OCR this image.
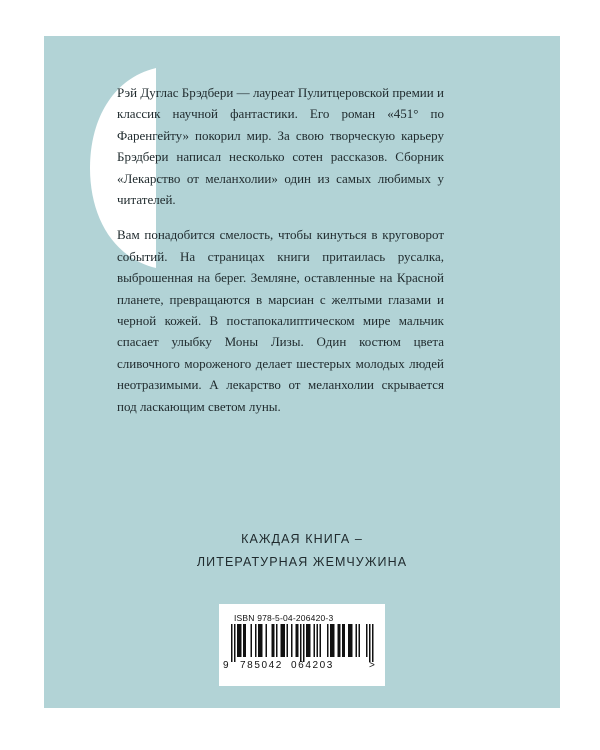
Рэй Дуглас Брэдбери — лауреат Пулитцеровской премии и классик научной фантастики. Его роман «451° по Фаренгейту» покорил мир. За свою творческую карьеру Брэдбери написал несколько сотен рассказов. Сборник «Лекарство от меланхолии» один из самых любимых у читателей.

Вам понадобится смелость, чтобы кинуться в круговорот событий. На страницах книги притаилась русалка, выброшенная на берег. Земляне, оставленные на Красной планете, превращаются в марсиан с желтыми глазами и черной кожей. В постапокалиптическом мире мальчик спасает улыбку Моны Лизы. Один костюм цвета сливочного мороженого делает шестерых молодых людей неотразимыми. А лекарство от меланхолии скрывается под ласкающим светом луны.

КАЖДАЯ КНИГА –
ЛИТЕРАТУРНАЯ ЖЕМЧУЖИНА
ISBN 978-5-04-206420-3
9 785042 064203	>
